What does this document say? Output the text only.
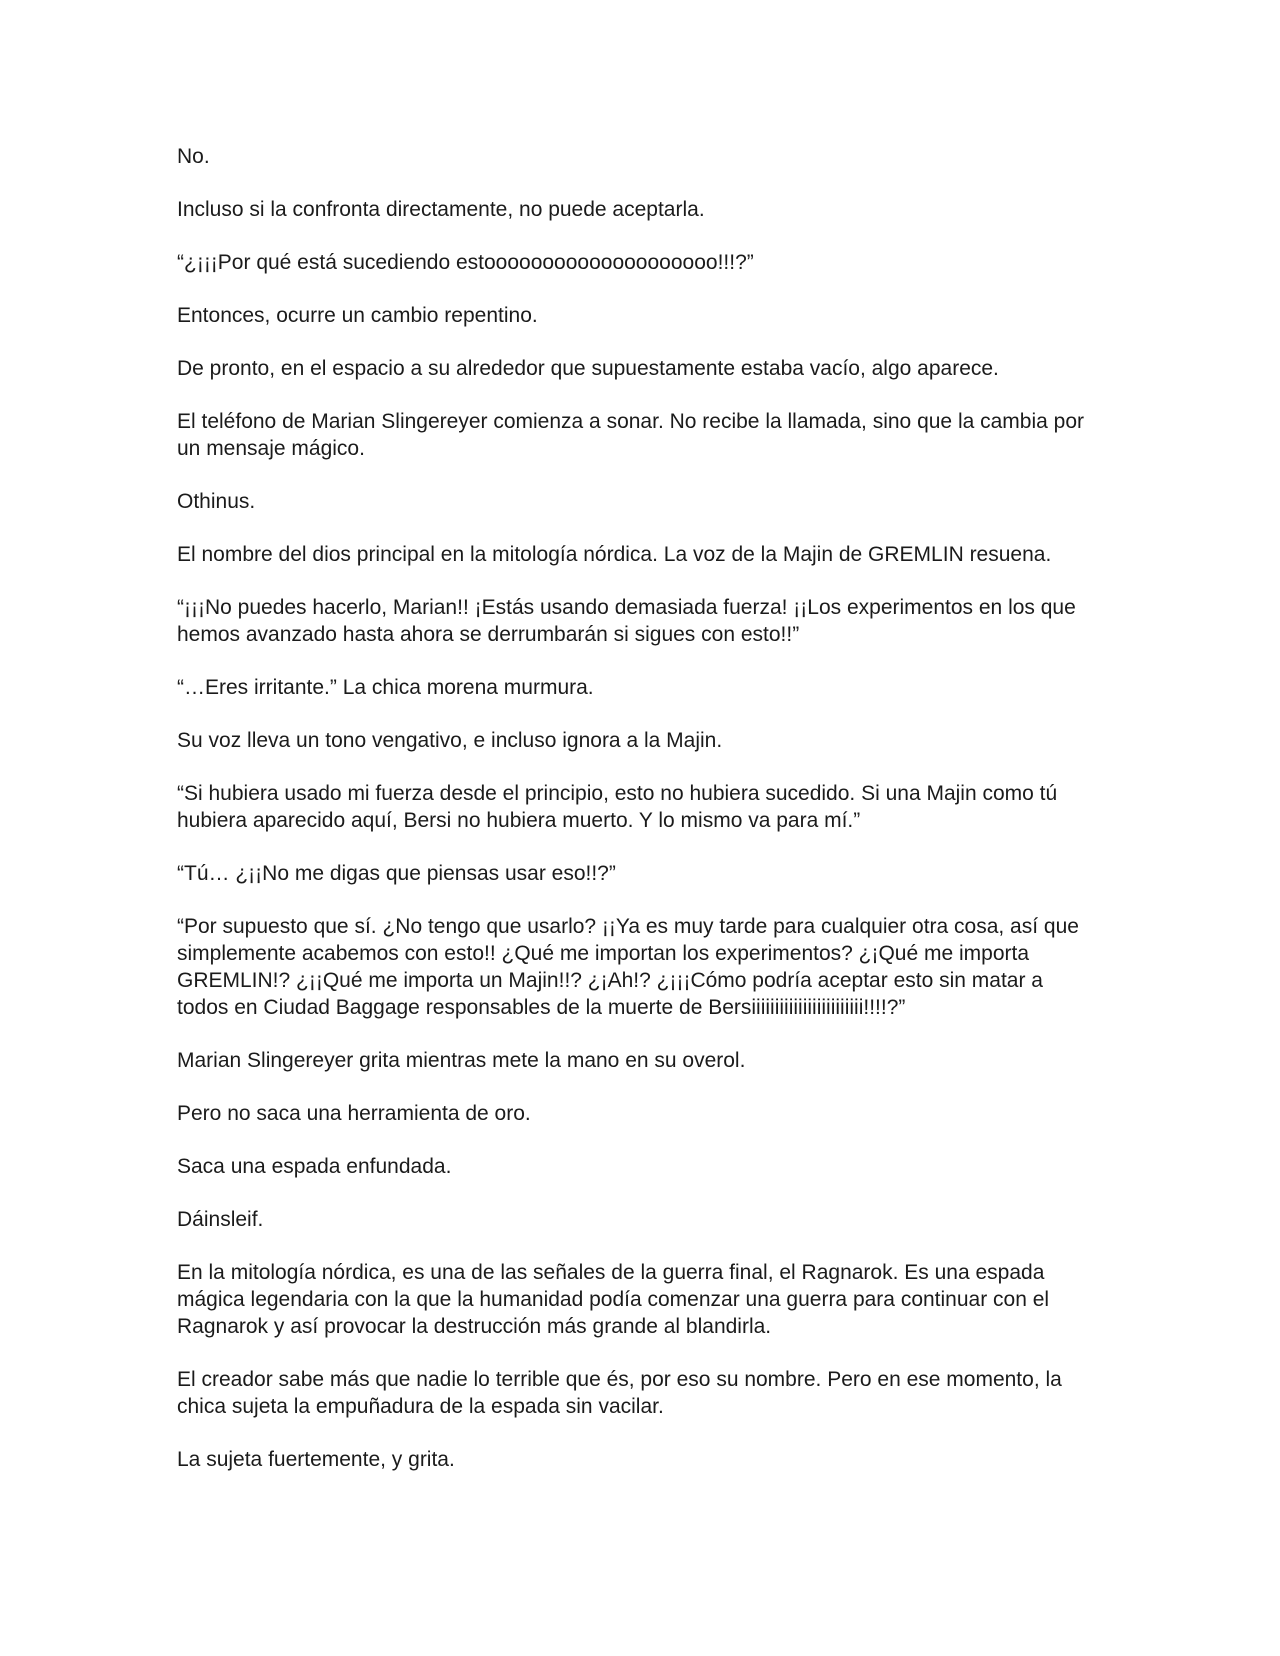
No.

Incluso si la confronta directamente, no puede aceptarla.

“¿¡¡¡Por qué está sucediendo estoooooooooooooooooooo!!!?”

Entonces, ocurre un cambio repentino.

De pronto, en el espacio a su alrededor que supuestamente estaba vacío, algo aparece.

El teléfono de Marian Slingereyer comienza a sonar. No recibe la llamada, sino que la cambia por
un mensaje mágico.

Othinus.

El nombre del dios principal en la mitología nórdica. La voz de la Majin de GREMLIN resuena.

“¡¡¡No puedes hacerlo, Marian!! ¡Estás usando demasiada fuerza! ¡¡Los experimentos en los que
hemos avanzado hasta ahora se derrumbarán si sigues con esto!!”

“…Eres irritante.” La chica morena murmura.

Su voz lleva un tono vengativo, e incluso ignora a la Majin.

“Si hubiera usado mi fuerza desde el principio, esto no hubiera sucedido. Si una Majin como tú
hubiera aparecido aquí, Bersi no hubiera muerto. Y lo mismo va para mí.”

“Tú… ¿¡¡No me digas que piensas usar eso!!?”

“Por supuesto que sí. ¿No tengo que usarlo? ¡¡Ya es muy tarde para cualquier otra cosa, así que
simplemente acabemos con esto!! ¿Qué me importan los experimentos? ¿¡Qué me importa
GREMLIN!? ¿¡¡Qué me importa un Majin!!? ¿¡Ah!? ¿¡¡¡Cómo podría aceptar esto sin matar a
todos en Ciudad Baggage responsables de la muerte de Bersiiiiiiiiiiiiiiiiiiiiiiii!!!!?”

Marian Slingereyer grita mientras mete la mano en su overol.

Pero no saca una herramienta de oro.

Saca una espada enfundada.

Dáinsleif.

En la mitología nórdica, es una de las señales de la guerra final, el Ragnarok. Es una espada
mágica legendaria con la que la humanidad podía comenzar una guerra para continuar con el
Ragnarok y así provocar la destrucción más grande al blandirla.

El creador sabe más que nadie lo terrible que és, por eso su nombre. Pero en ese momento, la
chica sujeta la empuñadura de la espada sin vacilar.

La sujeta fuertemente, y grita.
